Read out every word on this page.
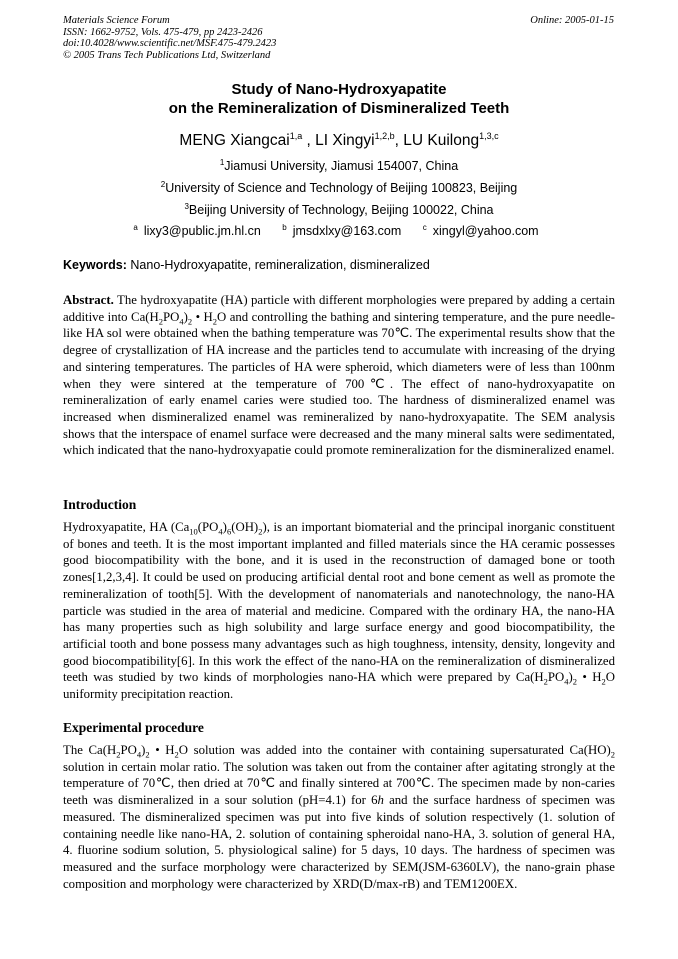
Materials Science Forum
ISSN: 1662-9752, Vols. 475-479, pp 2423-2426
doi:10.4028/www.scientific.net/MSF.475-479.2423
© 2005 Trans Tech Publications Ltd, Switzerland
Online: 2005-01-15
Study of Nano-Hydroxyapatite
on the Remineralization of Dismineralized Teeth
MENG Xiangcai$^{1,a}$ , LI Xingyi$^{1,2,b}$, LU Kuilong$^{1,3,c}$
$^1$Jiamusi University, Jiamusi 154007, China
$^2$University of Science and Technology of Beijing 100823, Beijing
$^3$Beijing University of Technology, Beijing 100022, China
$^a$ lixy3@public.jm.hl.cn	$^b$ jmsdxlxy@163.com	$^c$ xingyl@yahoo.com
Keywords: Nano-Hydroxyapatite, remineralization, dismineralized
Abstract. The hydroxyapatite (HA) particle with different morphologies were prepared by adding a certain additive into $Ca(H_2PO_4)_2$ • $H_2O$ and controlling the bathing and sintering temperature, and the pure needle-like HA sol were obtained when the bathing temperature was 70℃. The experimental results show that the degree of crystallization of HA increase and the particles tend to accumulate with increasing of the drying and sintering temperatures. The particles of HA were spheroid, which diameters were of less than 100nm when they were sintered at the temperature of 700℃. The effect of nano-hydroxyapatite on remineralization of early enamel caries were studied too. The hardness of dismineralized enamel was increased when dismineralized enamel was remineralized by nano-hydroxyapatite. The SEM analysis shows that the interspace of enamel surface were decreased and the many mineral salts were sedimentated, which indicated that the nano-hydroxyapatie could promote remineralization for the dismineralized enamel.
Introduction
Hydroxyapatite, HA $(Ca_{10}(PO_4)_6(OH)_2)$, is an important biomaterial and the principal inorganic constituent of bones and teeth. It is the most important implanted and filled materials since the HA ceramic possesses good biocompatibility with the bone, and it is used in the reconstruction of damaged bone or tooth zones[1,2,3,4]. It could be used on producing artificial dental root and bone cement as well as promote the remineralization of tooth[5]. With the development of nanomaterials and nanotechnology, the nano-HA particle was studied in the area of material and medicine. Compared with the ordinary HA, the nano-HA has many properties such as high solubility and large surface energy and good biocompatibility, the artificial tooth and bone possess many advantages such as high toughness, intensity, density, longevity and good biocompatibility[6]. In this work the effect of the nano-HA on the remineralization of dismineralized teeth was studied by two kinds of morphologies nano-HA which were prepared by $Ca(H_2PO_4)_2$ • $H_2O$ uniformity precipitation reaction.
Experimental procedure
The $Ca(H_2PO_4)_2$ • $H_2O$ solution was added into the container with containing supersaturated $Ca(HO)_2$ solution in certain molar ratio. The solution was taken out from the container after agitating strongly at the temperature of 70℃, then dried at 70℃ and finally sintered at 700℃. The specimen made by non-caries teeth was dismineralized in a sour solution (pH=4.1) for 6h and the surface hardness of specimen was measured. The dismineralized specimen was put into five kinds of solution respectively (1. solution of containing needle like nano-HA, 2. solution of containing spheroidal nano-HA, 3. solution of general HA, 4. fluorine sodium solution, 5. physiological saline) for 5 days, 10 days. The hardness of specimen was measured and the surface morphology were characterized by SEM(JSM-6360LV), the nano-grain phase composition and morphology were characterized by XRD(D/max-rB) and TEM1200EX.
